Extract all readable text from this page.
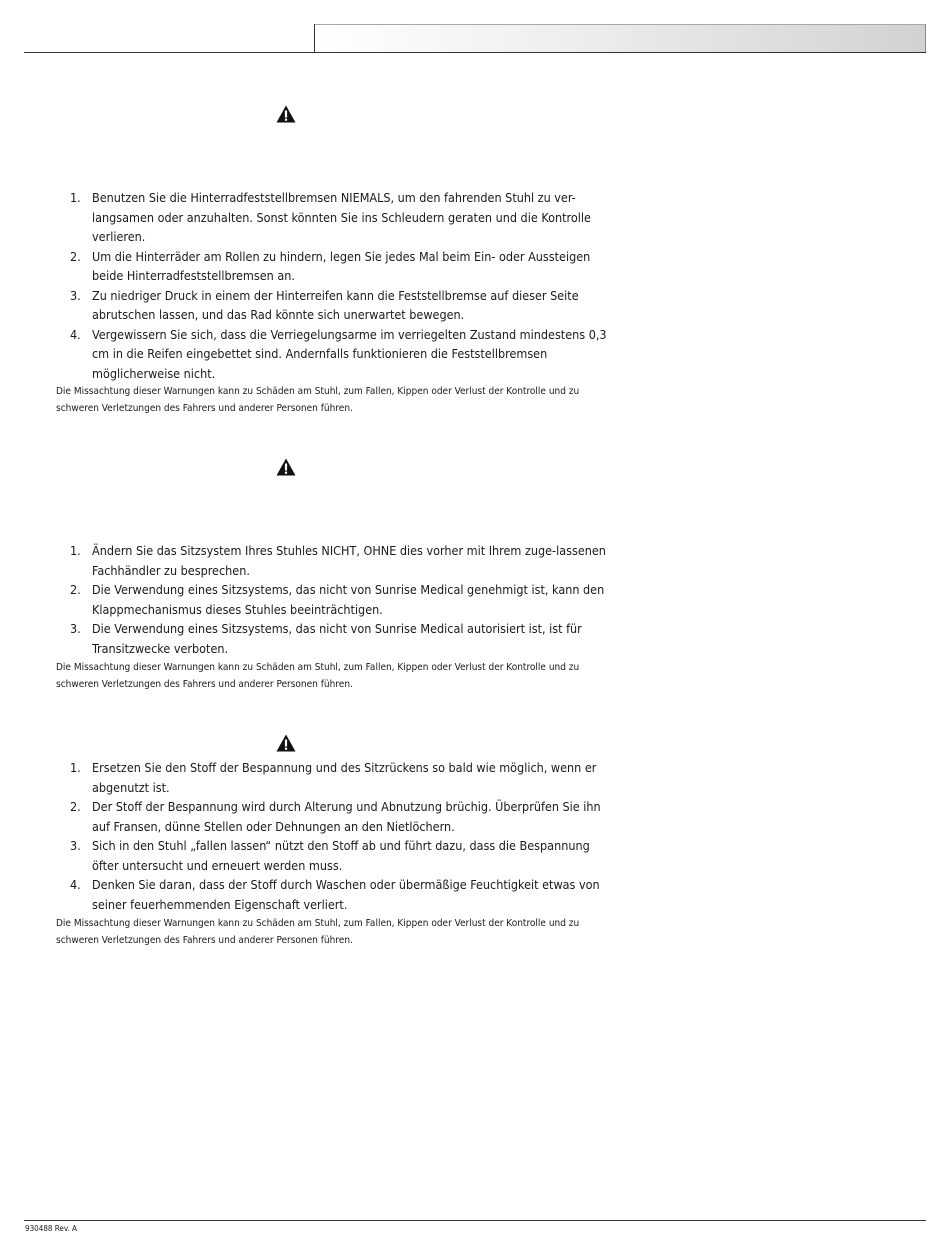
1. Benutzen Sie die Hinterradfeststellbremsen NIEMALS, um den fahrenden Stuhl zu ver-langsamen oder anzuhalten. Sonst könnten Sie ins Schleudern geraten und die Kontrolle verlieren.
2. Um die Hinterräder am Rollen zu hindern, legen Sie jedes Mal beim Ein- oder Aussteigen beide Hinterradfeststellbremsen an.
3. Zu niedriger Druck in einem der Hinterreifen kann die Feststellbremse auf dieser Seite abrutschen lassen, und das Rad könnte sich unerwartet bewegen.
4. Vergewissern Sie sich, dass die Verriegelungsarme im verriegelten Zustand mindestens 0,3 cm in die Reifen eingebettet sind. Andernfalls funktionieren die Feststellbremsen möglicherweise nicht.

Die Missachtung dieser Warnungen kann zu Schäden am Stuhl, zum Fallen, Kippen oder Verlust der Kontrolle und zu schweren Verletzungen des Fahrers und anderer Personen führen.

1. Ändern Sie das Sitzsystem Ihres Stuhles NICHT, OHNE dies vorher mit Ihrem zuge-lassenen Fachhändler zu besprechen.
2. Die Verwendung eines Sitzsystems, das nicht von Sunrise Medical genehmigt ist, kann den Klappmechanismus dieses Stuhles beeinträchtigen.
3. Die Verwendung eines Sitzsystems, das nicht von Sunrise Medical autorisiert ist, ist für Transitzwecke verboten.

Die Missachtung dieser Warnungen kann zu Schäden am Stuhl, zum Fallen, Kippen oder Verlust der Kontrolle und zu schweren Verletzungen des Fahrers und anderer Personen führen.

1. Ersetzen Sie den Stoff der Bespannung und des Sitzrückens so bald wie möglich, wenn er abgenutzt ist.
2. Der Stoff der Bespannung wird durch Alterung und Abnutzung brüchig. Überprüfen Sie ihn auf Fransen, dünne Stellen oder Dehnungen an den Nietlöchern.
3. Sich in den Stuhl „fallen lassen“ nützt den Stoff ab und führt dazu, dass die Bespannung öfter untersucht und erneuert werden muss.
4. Denken Sie daran, dass der Stoff durch Waschen oder übermäßige Feuchtigkeit etwas von seiner feuerhemmenden Eigenschaft verliert.

Die Missachtung dieser Warnungen kann zu Schäden am Stuhl, zum Fallen, Kippen oder Verlust der Kontrolle und zu schweren Verletzungen des Fahrers und anderer Personen führen.

930488 Rev. A
